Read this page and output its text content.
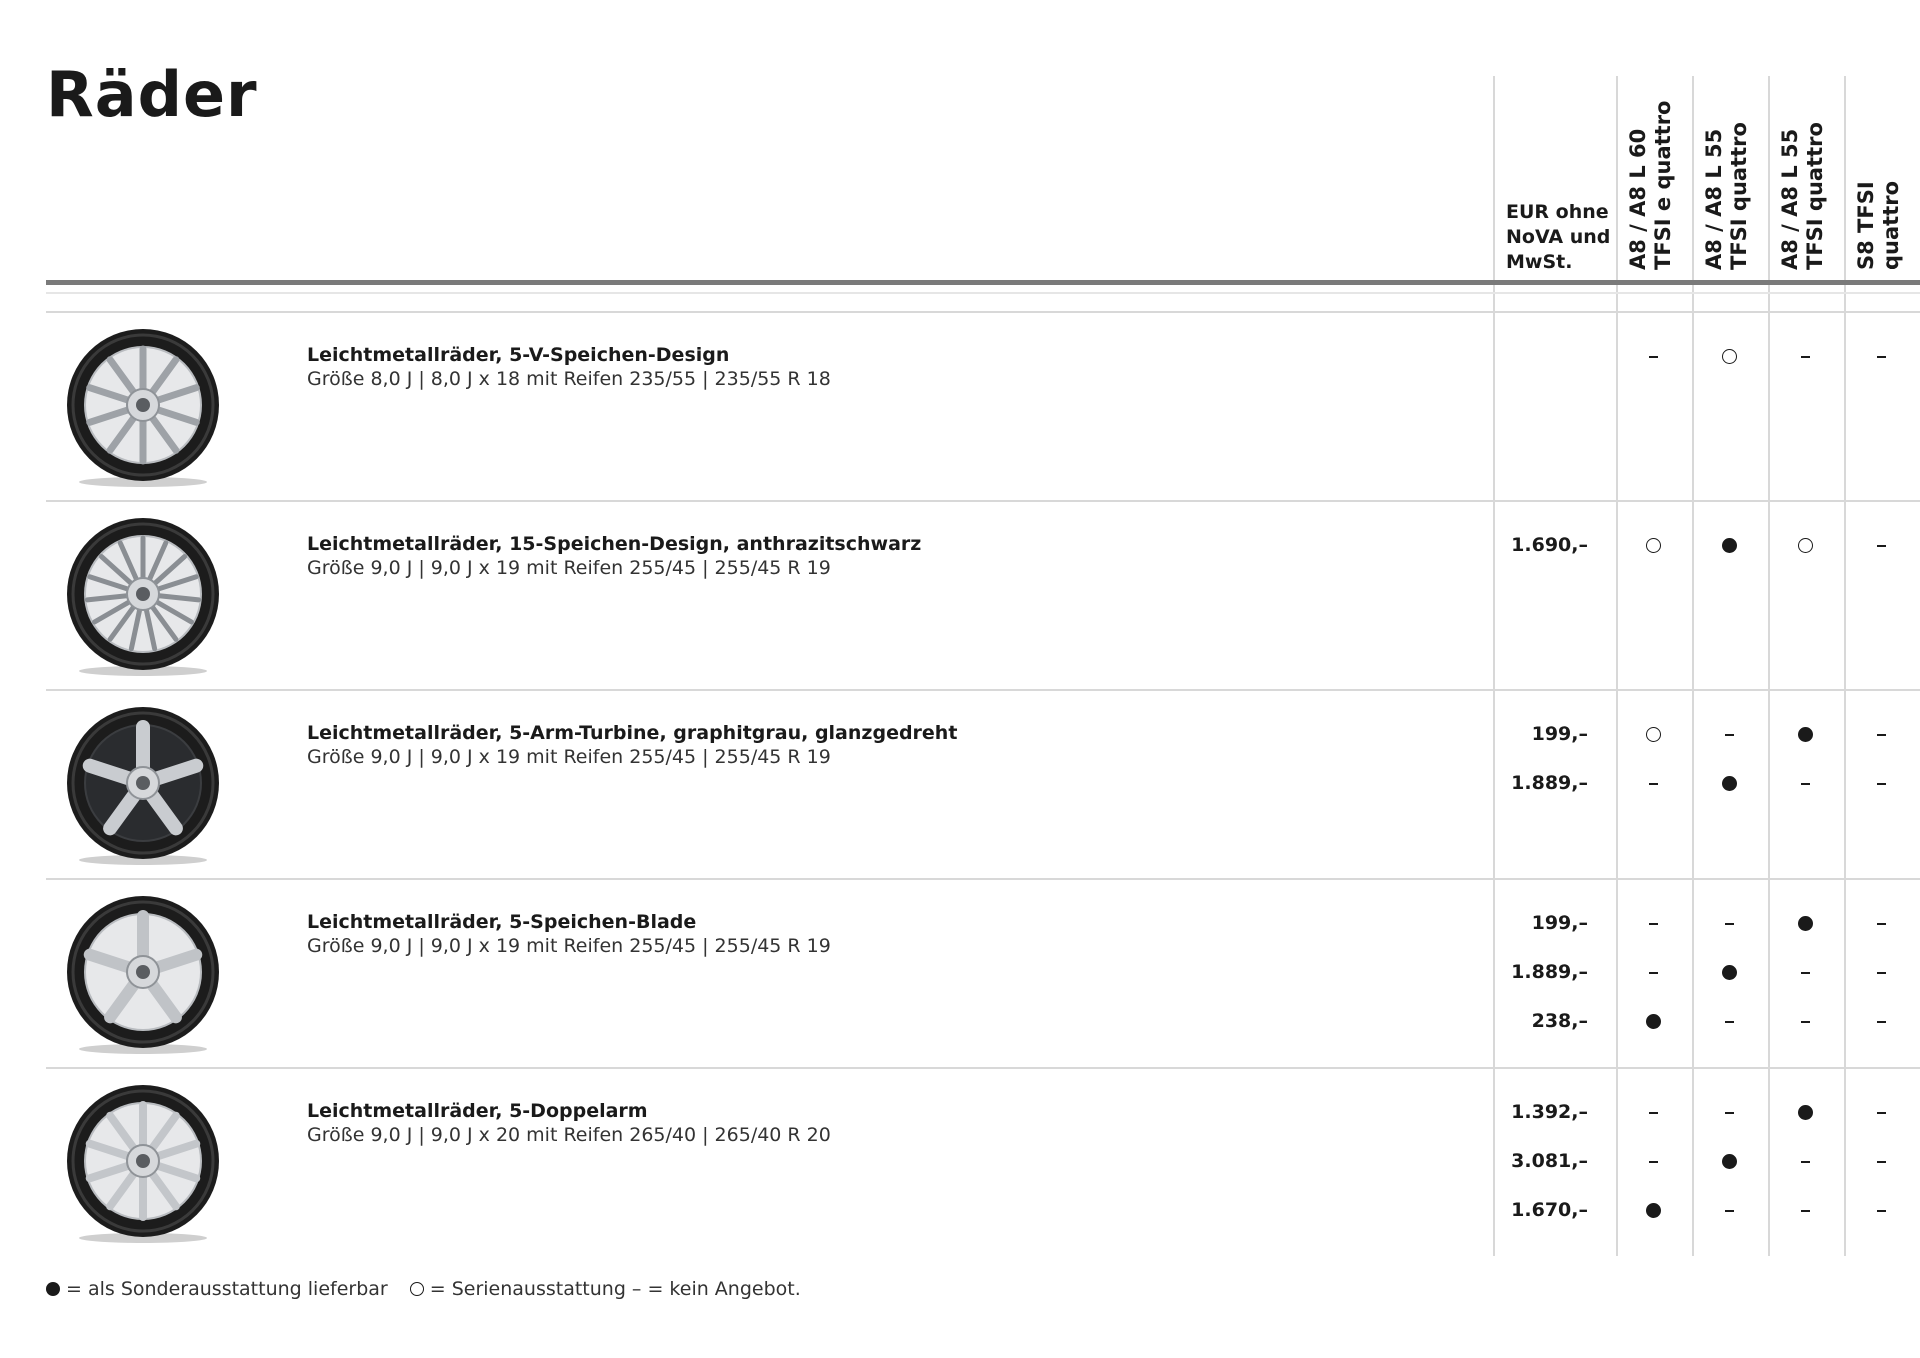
Räder
EUR ohne
NoVA und
MwSt.	A8 / A8 L 60 TFSI e quattro A8 / A8 L 55 TFSI quattro A8 / A8 L 55 TFSI quattro S8 TFSI quattro
Leichtmetallräder, 5-V-Speichen-Design
Größe 8,0 J | 8,0 J x 18 mit Reifen 235/55 | 235/55 R 18
Leichtmetallräder, 15-Speichen-Design, anthrazitschwarz
Größe 9,0 J | 9,0 J x 19 mit Reifen 255/45 | 255/45 R 19
1.690,–
Leichtmetallräder, 5-Arm-Turbine, graphitgrau, glanzgedreht
Größe 9,0 J | 9,0 J x 19 mit Reifen 255/45 | 255/45 R 19
199,–
1.889,–
Leichtmetallräder, 5-Speichen-Blade
Größe 9,0 J | 9,0 J x 19 mit Reifen 255/45 | 255/45 R 19
199,–
1.889,–
238,–
Leichtmetallräder, 5-Doppelarm
Größe 9,0 J | 9,0 J x 20 mit Reifen 265/40 | 265/40 R 20
1.392,–
3.081,–
1.670,–
= als Sonderausstattung lieferbar = Serienausstattung – = kein Angebot.
